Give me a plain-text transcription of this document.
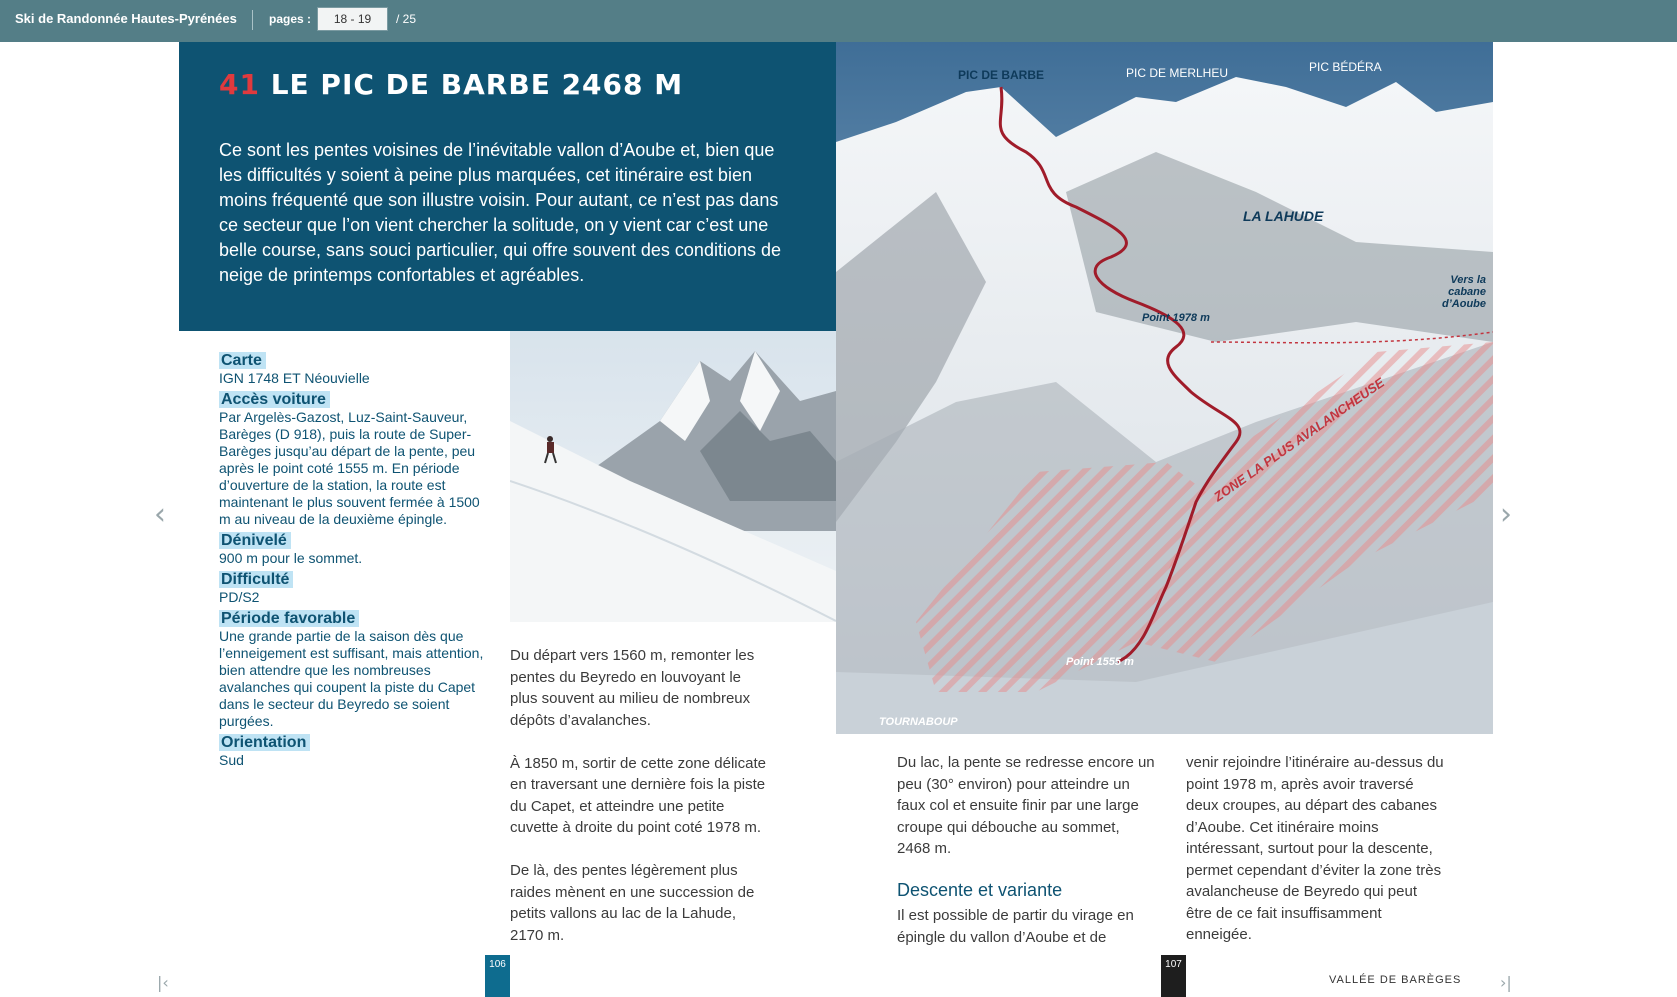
Ski de Randonnée Hautes-Pyrénées	pages :
18 - 19	/ 25
‹	›
|‹	›|
41 LE PIC DE BARBE 2468 M

Ce sont les pentes voisines de l’inévitable vallon d’Aoube et, bien que les difficultés y soient à peine plus marquées, cet itinéraire est bien moins fréquenté que son illustre voisin. Pour autant, ce n’est pas dans ce secteur que l’on vient chercher la solitude, on y vient car c’est une belle course, sans souci particulier, qui offre souvent des conditions de neige de printemps confortables et agréables.

Carte
IGN 1748 ET Néouvielle
Accès voiture
Par Argelès-Gazost, Luz-Saint-Sauveur, Barèges (D 918), puis la route de Super-Barèges jusqu’au départ de la pente, peu après le point coté 1555 m. En période d’ouverture de la station, la route est maintenant le plus souvent fermée à 1500 m au niveau de la deuxième épingle.
Dénivelé
900 m pour le sommet.
Difficulté
PD/S2
Période favorable
Une grande partie de la saison dès que l’enneigement est suffisant, mais attention, bien attendre que les nombreuses avalanches qui coupent la piste du Capet dans le secteur du Beyredo se soient purgées.
Orientation
Sud

Du départ vers 1560 m, remonter les pentes du Beyredo en louvoyant le plus souvent au milieu de nombreux dépôts d’avalanches.

À 1850 m, sortir de cette zone délicate en traversant une dernière fois la piste du Capet, et atteindre une petite cuvette à droite du point coté 1978 m.

De là, des pentes légèrement plus raides mènent en une succession de petits vallons au lac de la Lahude, 2170 m.

106
PIC DE BARBE	PIC DE MERLHEU	PIC BÉDÉRA
LA LAHUDE
Vers la cabane d’Aoube
Point 1978 m
ZONE LA PLUS AVALANCHEUSE
Point 1555 m
TOURNABOUP

Du lac, la pente se redresse encore un peu (30° environ) pour atteindre un faux col et ensuite finir par une large croupe qui débouche au sommet, 2468 m.

Descente et variante

Il est possible de partir du virage en épingle du vallon d’Aoube et de

venir rejoindre l’itinéraire au-dessus du point 1978 m, après avoir traversé deux croupes, au départ des cabanes d’Aoube. Cet itinéraire moins intéressant, surtout pour la descente, permet cependant d’éviter la zone très avalancheuse de Beyredo qui peut être de ce fait insuffisamment enneigée.

107
VALLÉE DE BARÈGES
